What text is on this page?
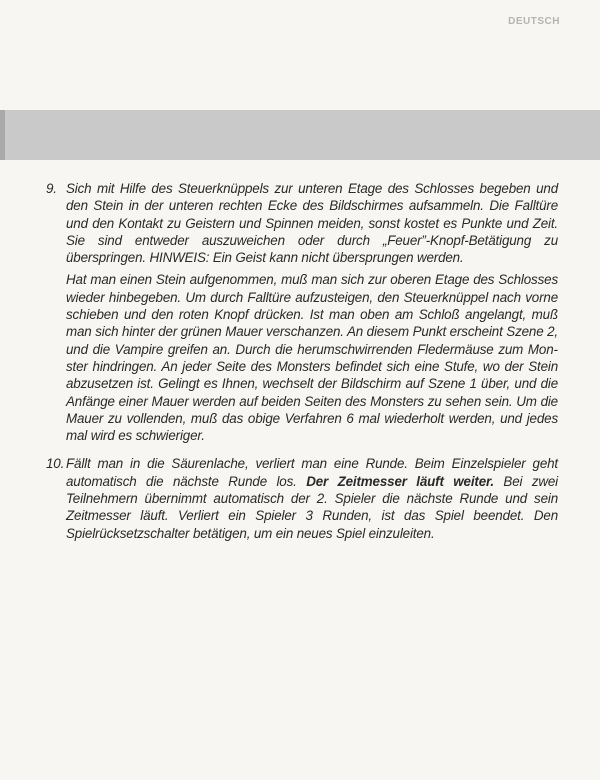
DEUTSCH
9. Sich mit Hilfe des Steuerknüppels zur unteren Etage des Schlosses begeben und den Stein in der unteren rechten Ecke des Bildschirmes aufsammeln. Die Falltüre und den Kontakt zu Geistern und Spinnen meiden, sonst kostet es Punkte und Zeit. Sie sind entweder auszuweichen oder durch „Feuer”-Knopf-Betätigung zu überspringen. HINWEIS: Ein Geist kann nicht übersprungen werden.

Hat man einen Stein aufgenommen, muß man sich zur oberen Etage des Schlosses wieder hinbegeben. Um durch Falltüre aufzusteigen, den Steuerknüppel nach vorne schieben und den roten Knopf drücken. Ist man oben am Schloß angelangt, muß man sich hinter der grünen Mauer verschanzen. An diesem Punkt erscheint Szene 2, und die Vampire greifen an. Durch die herumschwirrenden Fledermäuse zum Monster hindringen. An jeder Seite des Monsters befindet sich eine Stufe, wo der Stein abzusetzen ist. Gelingt es Ihnen, wechselt der Bildschirm auf Szene 1 über, und die Anfänge einer Mauer werden auf beiden Seiten des Monsters zu sehen sein. Um die Mauer zu vollenden, muß das obige Verfahren 6 mal wiederholt werden, und jedes mal wird es schwieriger.

10. Fällt man in die Säurenlache, verliert man eine Runde. Beim Einzelspieler geht automatisch die nächste Runde los. Der Zeitmesser läuft weiter. Bei zwei Teilnehmern übernimmt automatisch der 2. Spieler die nächste Runde und sein Zeitmesser läuft. Verliert ein Spieler 3 Runden, ist das Spiel beendet. Den Spielrücksetzschalter betätigen, um ein neues Spiel einzuleiten.
